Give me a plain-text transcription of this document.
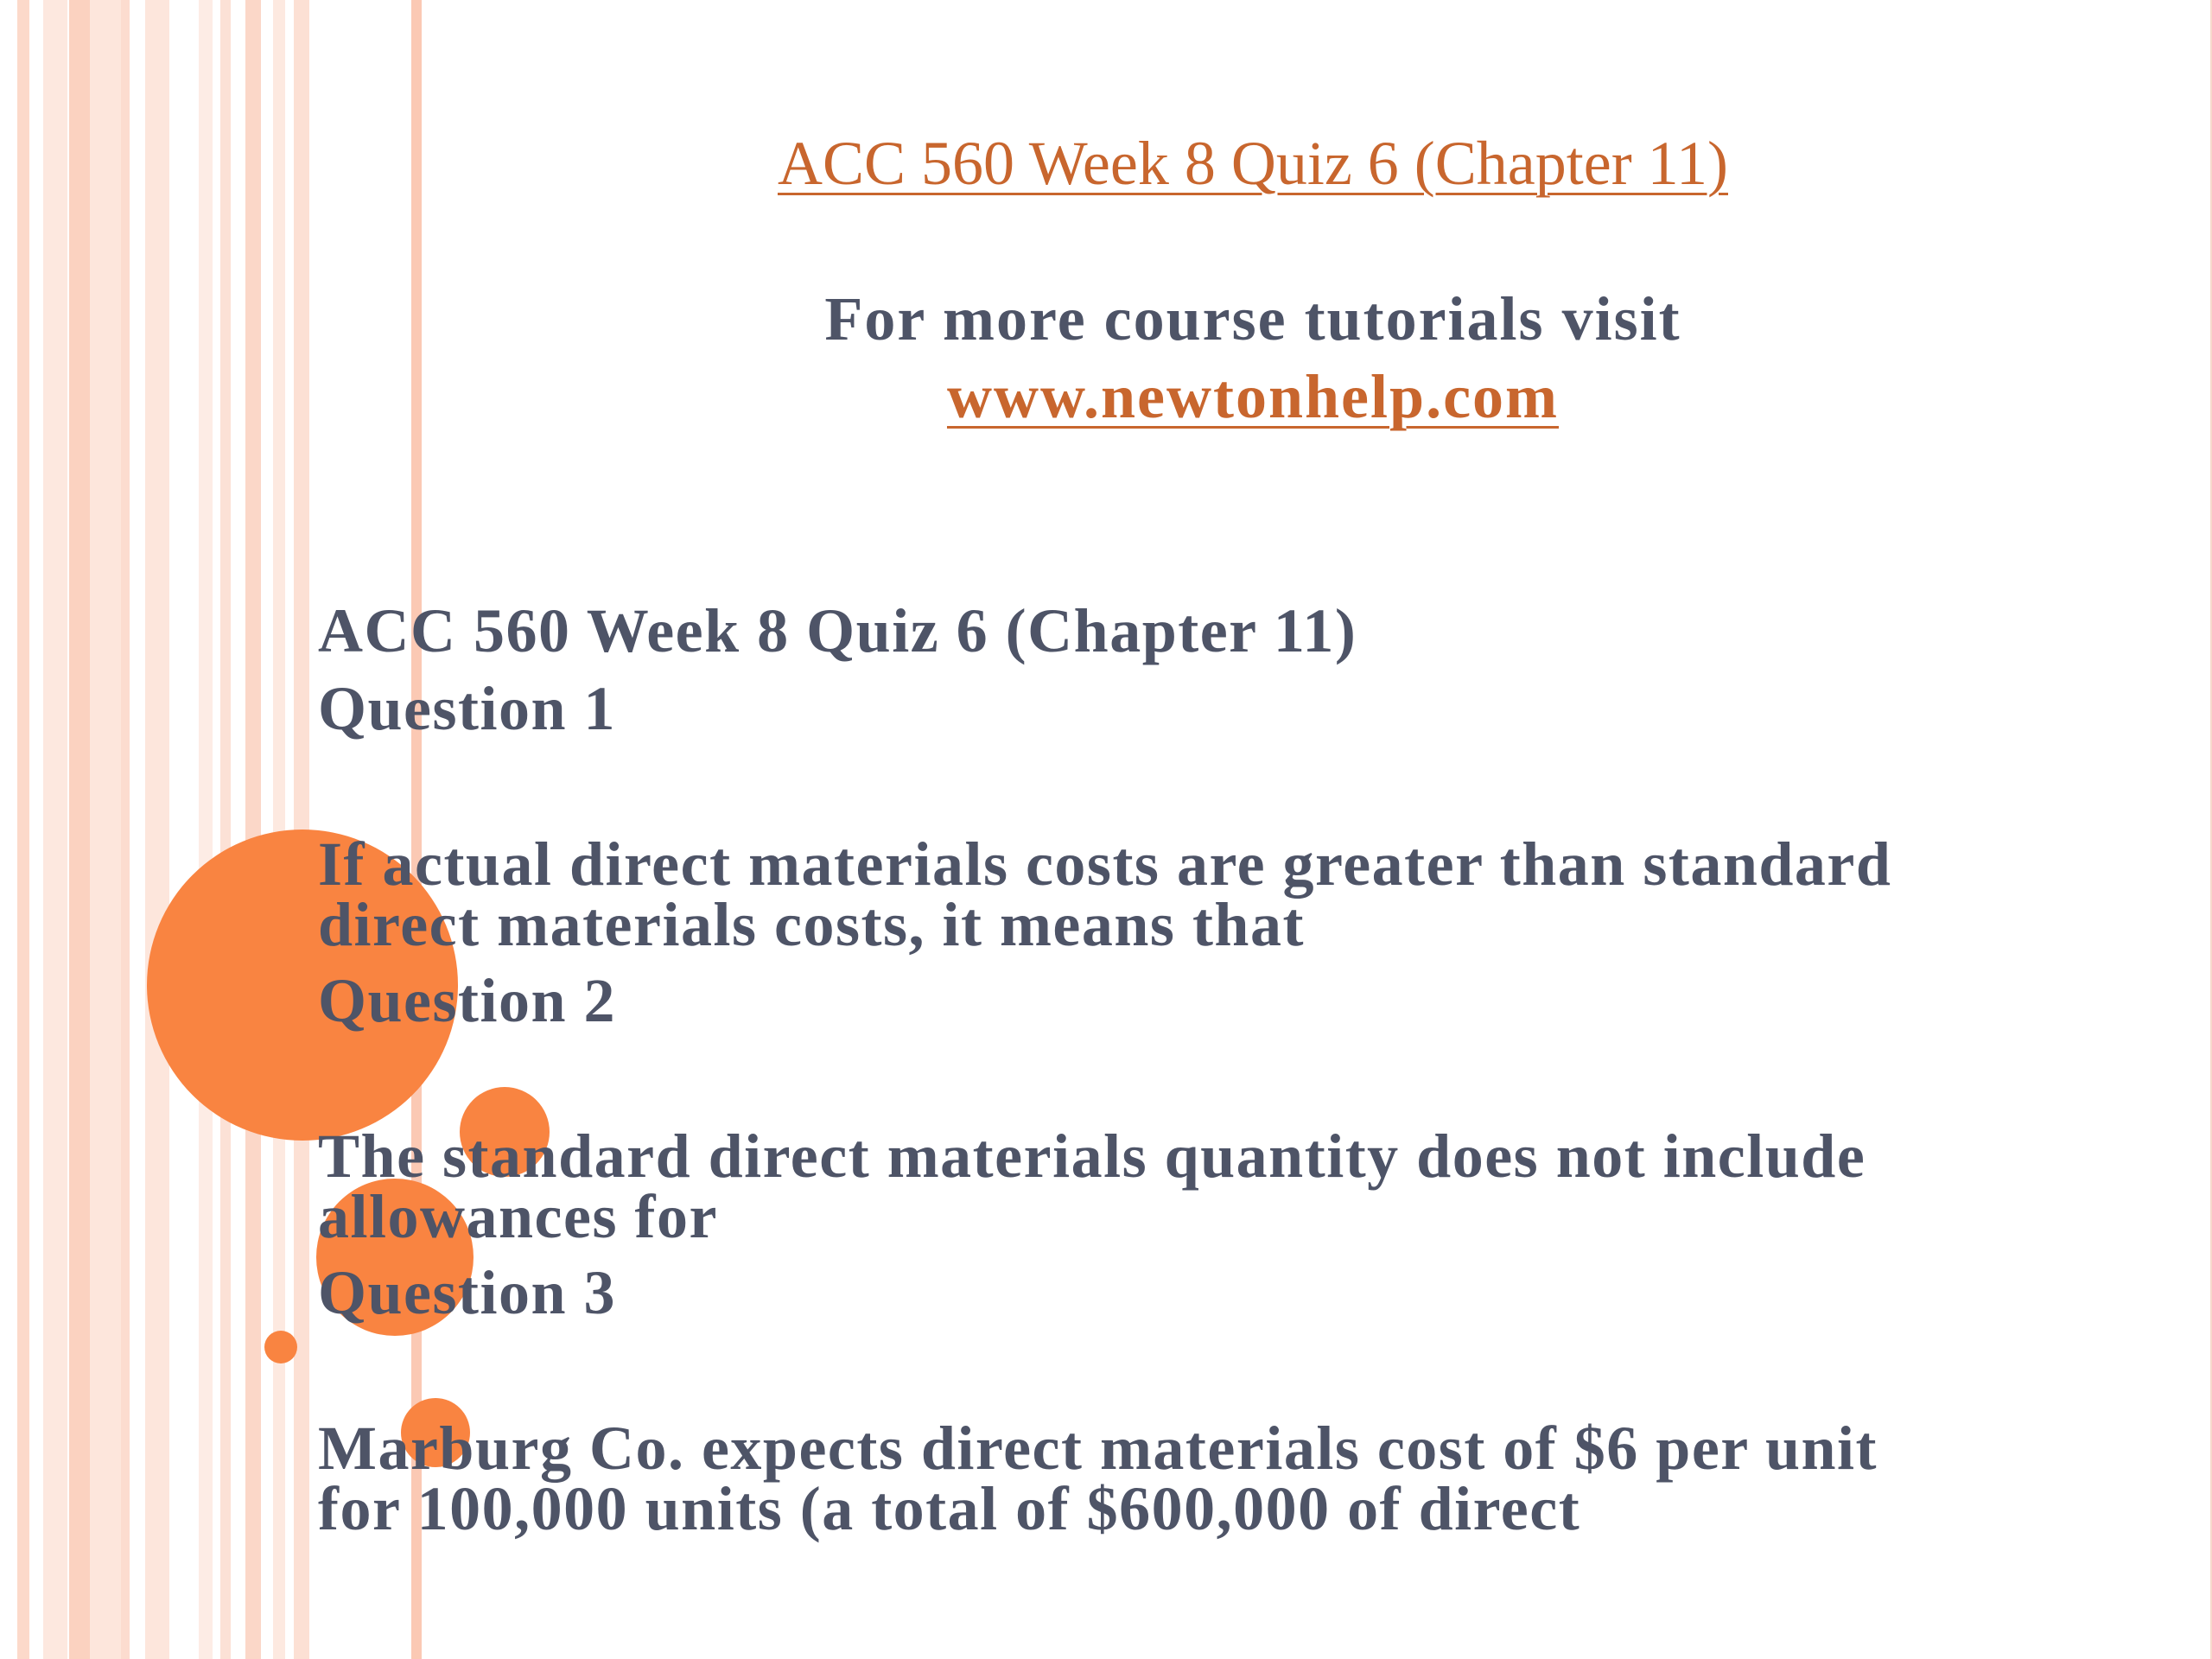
ACC 560 Week 8 Quiz 6 (Chapter 11)
For more course tutorials visit
www.newtonhelp.com
ACC 560 Week 8 Quiz 6 (Chapter 11)
Question 1
If actual direct materials costs are greater than standard
direct materials costs, it means that
Question 2
The standard direct materials quantity does not include
allowances for
Question 3
Marburg Co. expects direct materials cost of $6 per unit
for 100,000 units (a total of $600,000 of direct
